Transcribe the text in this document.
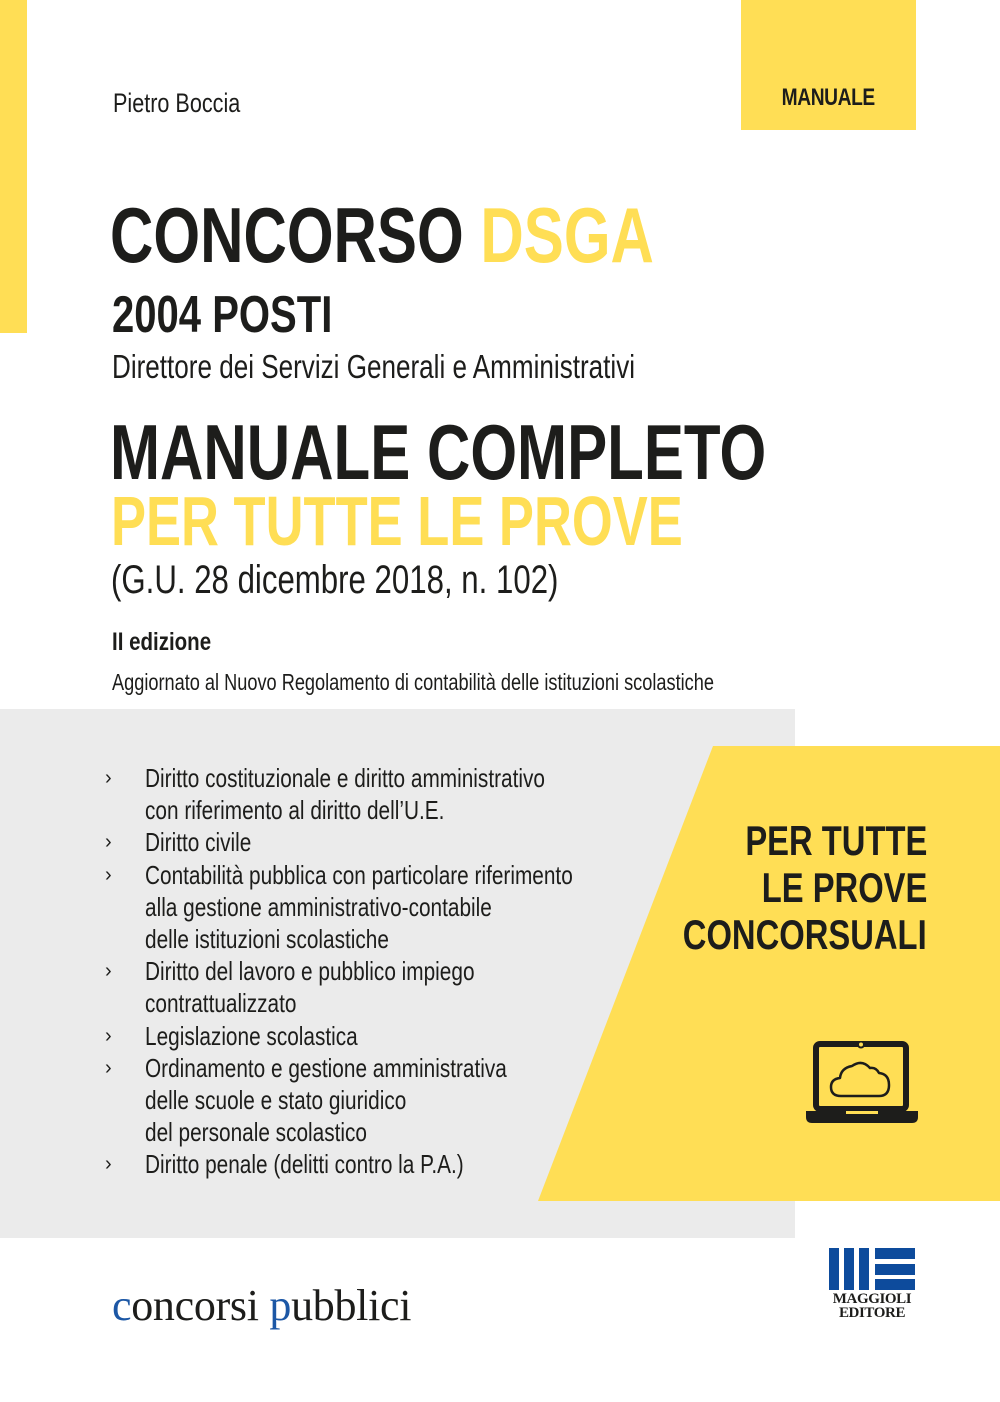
MANUALE
Pietro Boccia
CONCORSO DSGA
2004 POSTI
Direttore dei Servizi Generali e Amministrativi
MANUALE COMPLETO
PER TUTTE LE PROVE
(G.U. 28 dicembre 2018, n. 102)
II edizione
Aggiornato al Nuovo Regolamento di contabilità delle istituzioni scolastiche
›	Diritto costituzionale e diritto amministrativo
con riferimento al diritto dell’U.E.
›	Diritto civile
›	Contabilità pubblica con particolare riferimento
alla gestione amministrativo-contabile
delle istituzioni scolastiche
›	Diritto del lavoro e pubblico impiego
contrattualizzato
›	Legislazione scolastica
›	Ordinamento e gestione amministrativa
delle scuole e stato giuridico
del personale scolastico
›	Diritto penale (delitti contro la P.A.)
PER TUTTE
LE PROVE
CONCORSUALI
concorsi pubblici	MAGGIOLI
EDITORE
